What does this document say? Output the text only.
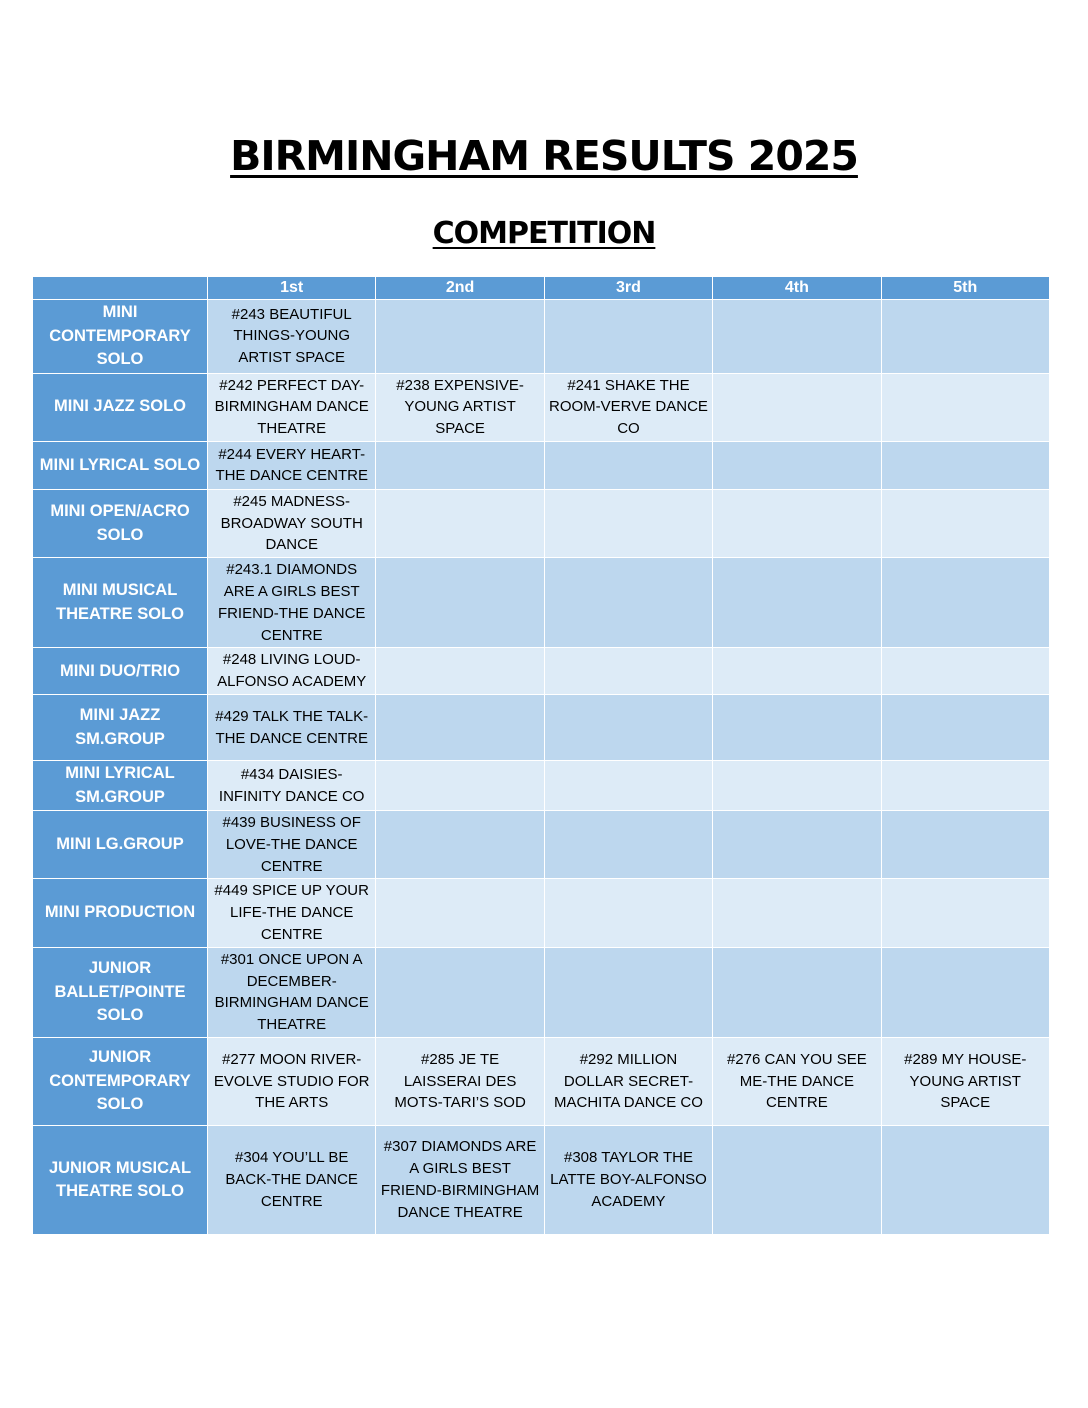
BIRMINGHAM RESULTS 2025
COMPETITION
	1st	2nd	3rd	4th	5th
MINI CONTEMPORARY SOLO	#243 BEAUTIFUL THINGS-YOUNG ARTIST SPACE				
MINI JAZZ SOLO	#242 PERFECT DAY-BIRMINGHAM DANCE THEATRE	#238 EXPENSIVE-YOUNG ARTIST SPACE	#241 SHAKE THE ROOM-VERVE DANCE CO		
MINI LYRICAL SOLO	#244 EVERY HEART-THE DANCE CENTRE				
MINI OPEN/ACRO SOLO	#245 MADNESS-BROADWAY SOUTH DANCE				
MINI MUSICAL THEATRE SOLO	#243.1 DIAMONDS ARE A GIRLS BEST FRIEND-THE DANCE CENTRE				
MINI DUO/TRIO	#248 LIVING LOUD-ALFONSO ACADEMY				
MINI JAZZ SM.GROUP	#429 TALK THE TALK-THE DANCE CENTRE				
MINI LYRICAL SM.GROUP	#434 DAISIES-INFINITY DANCE CO				
MINI LG.GROUP	#439 BUSINESS OF LOVE-THE DANCE CENTRE				
MINI PRODUCTION	#449 SPICE UP YOUR LIFE-THE DANCE CENTRE				
JUNIOR BALLET/POINTE SOLO	#301 ONCE UPON A DECEMBER-BIRMINGHAM DANCE THEATRE				
JUNIOR CONTEMPORARY SOLO	#277 MOON RIVER-EVOLVE STUDIO FOR THE ARTS	#285 JE TE LAISSERAI DES MOTS-TARI’S SOD	#292 MILLION DOLLAR SECRET-MACHITA DANCE CO	#276 CAN YOU SEE ME-THE DANCE CENTRE	#289 MY HOUSE-YOUNG ARTIST SPACE
JUNIOR MUSICAL THEATRE SOLO	#304 YOU’LL BE BACK-THE DANCE CENTRE	#307 DIAMONDS ARE A GIRLS BEST FRIEND-BIRMINGHAM DANCE THEATRE	#308 TAYLOR THE LATTE BOY-ALFONSO ACADEMY		
